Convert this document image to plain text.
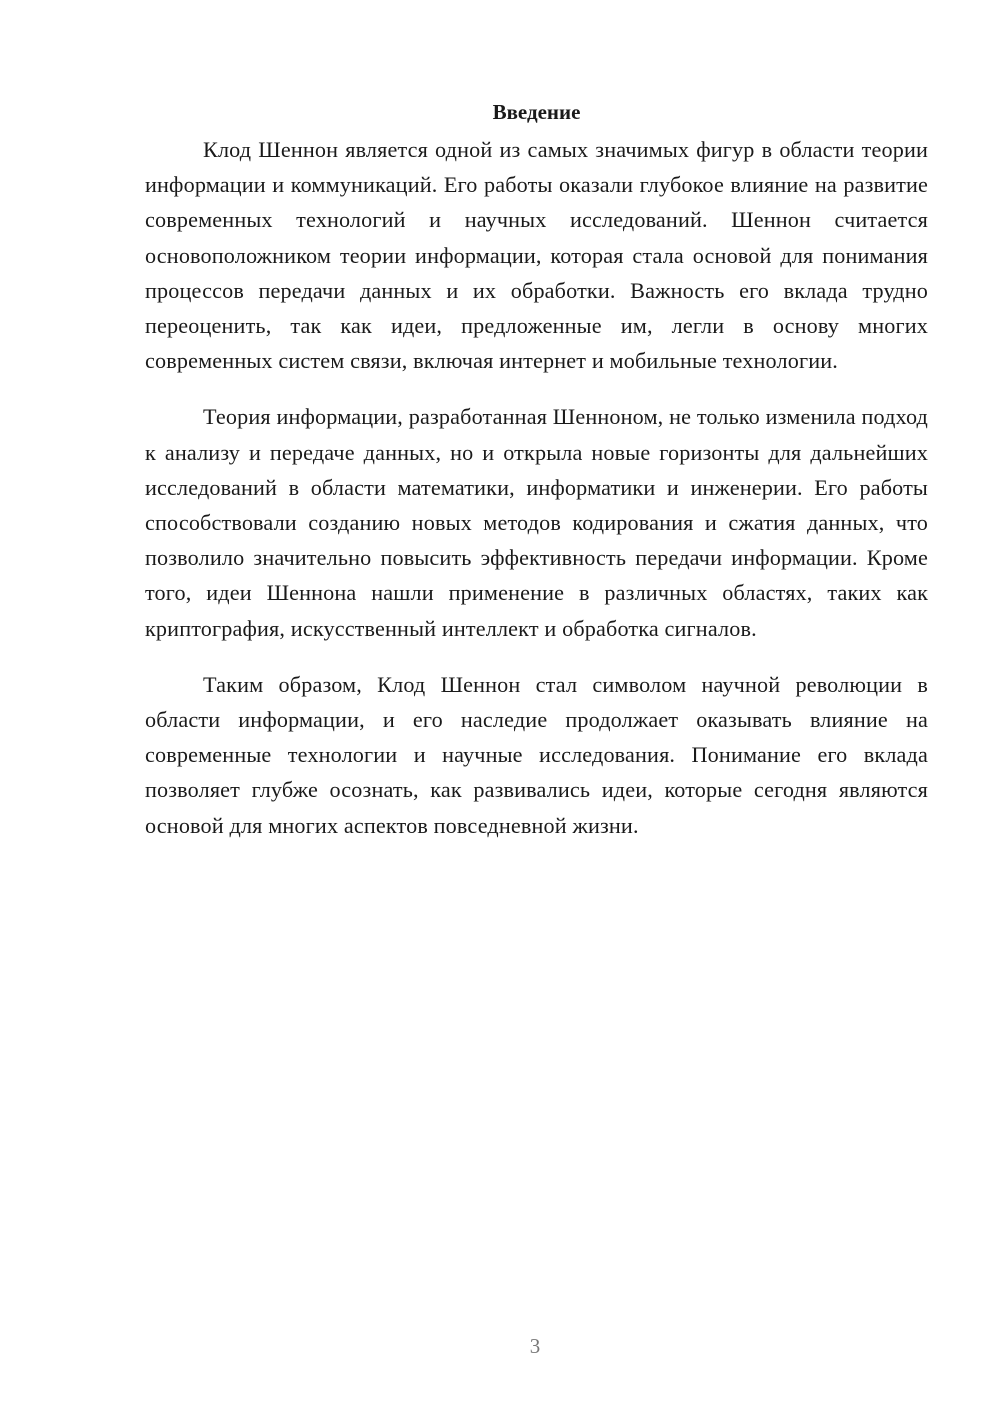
Введение

Клод Шеннон является одной из самых значимых фигур в области теории информации и коммуникаций. Его работы оказали глубокое влияние на развитие современных технологий и научных исследований. Шеннон считается основоположником теории информации, которая стала основой для понимания процессов передачи данных и их обработки. Важность его вклада трудно переоценить, так как идеи, предложенные им, легли в основу многих современных систем связи, включая интернет и мобильные технологии.

Теория информации, разработанная Шенноном, не только изменила подход к анализу и передаче данных, но и открыла новые горизонты для дальнейших исследований в области математики, информатики и инженерии. Его работы способствовали созданию новых методов кодирования и сжатия данных, что позволило значительно повысить эффективность передачи информации. Кроме того, идеи Шеннона нашли применение в различных областях, таких как криптография, искусственный интеллект и обработка сигналов.

Таким образом, Клод Шеннон стал символом научной революции в области информации, и его наследие продолжает оказывать влияние на современные технологии и научные исследования. Понимание его вклада позволяет глубже осознать, как развивались идеи, которые сегодня являются основой для многих аспектов повседневной жизни.

3
